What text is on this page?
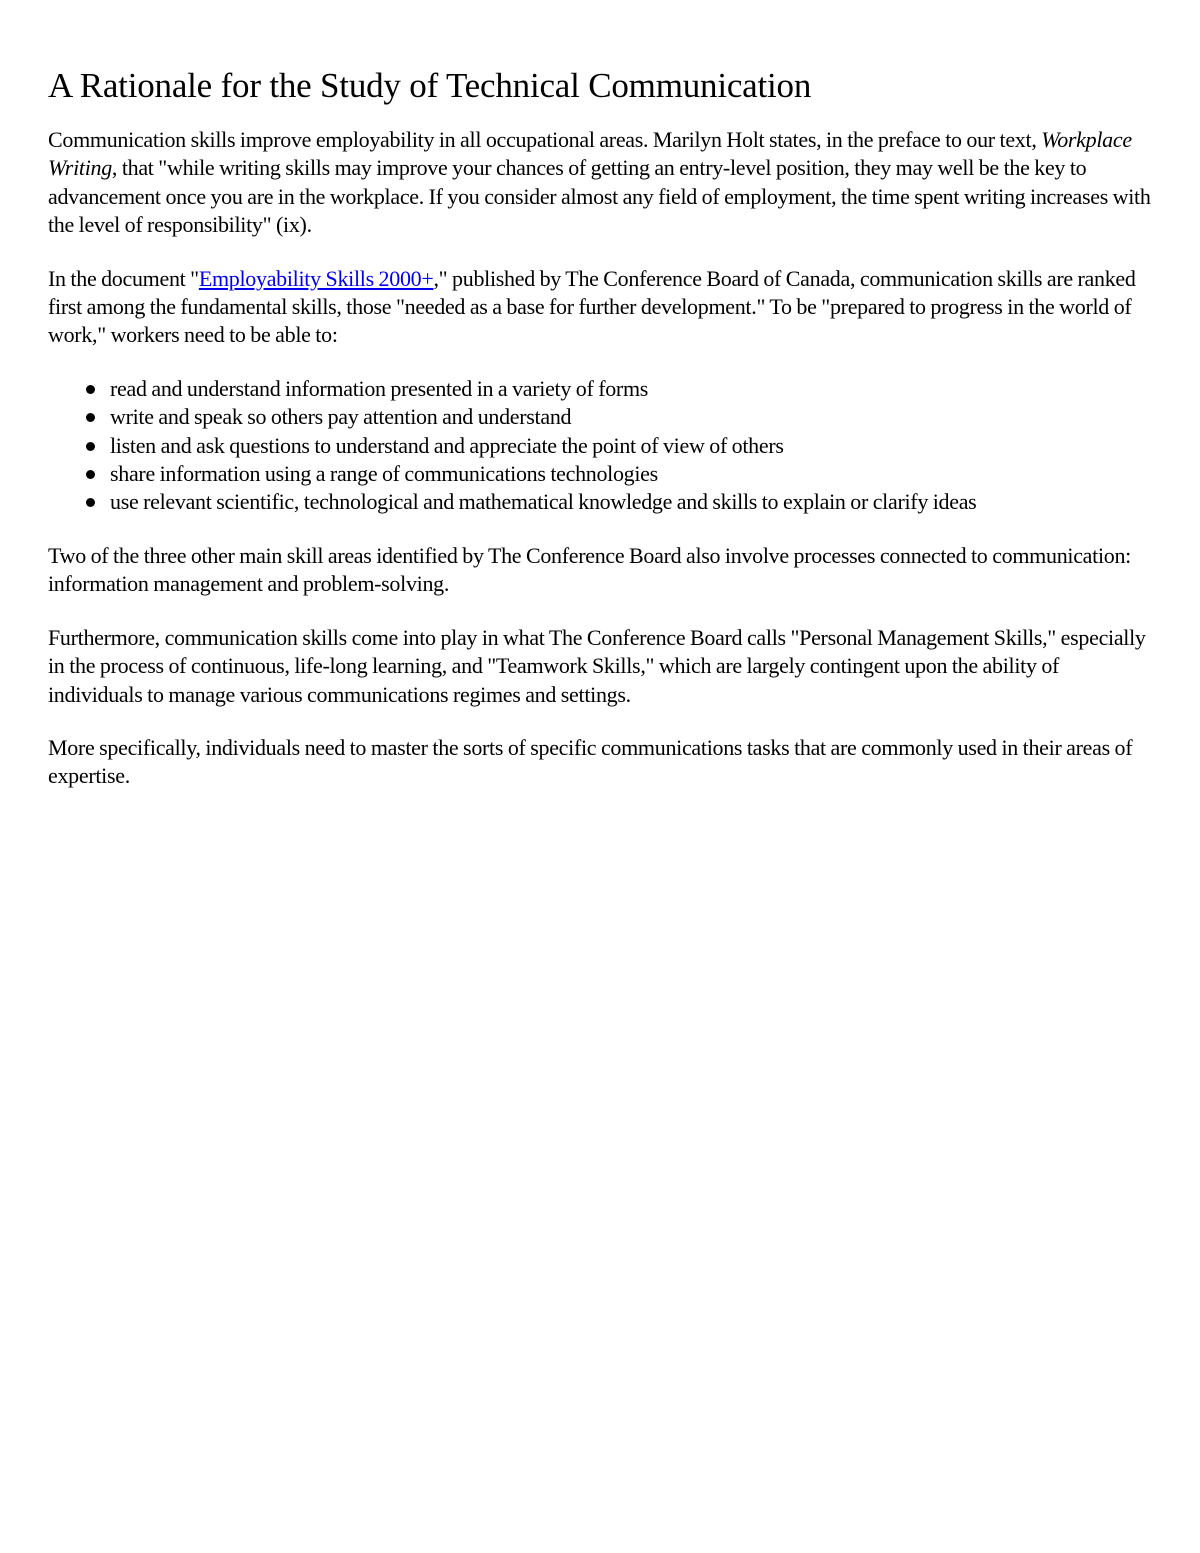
A Rationale for the Study of Technical Communication

Communication skills improve employability in all occupational areas. Marilyn Holt states, in the preface to our text, Workplace Writing, that "while writing skills may improve your chances of getting an entry-level position, they may well be the key to advancement once you are in the workplace. If you consider almost any field of employment, the time spent writing increases with the level of responsibility" (ix).

In the document "Employability Skills 2000+," published by The Conference Board of Canada, communication skills are ranked first among the fundamental skills, those "needed as a base for further development." To be "prepared to progress in the world of work," workers need to be able to:

read and understand information presented in a variety of forms
write and speak so others pay attention and understand
listen and ask questions to understand and appreciate the point of view of others
share information using a range of communications technologies
use relevant scientific, technological and mathematical knowledge and skills to explain or clarify ideas

Two of the three other main skill areas identified by The Conference Board also involve processes connected to communication: information management and problem-solving.

Furthermore, communication skills come into play in what The Conference Board calls "Personal Management Skills," especially in the process of continuous, life-long learning, and "Teamwork Skills," which are largely contingent upon the ability of individuals to manage various communications regimes and settings.

More specifically, individuals need to master the sorts of specific communications tasks that are commonly used in their areas of expertise.
